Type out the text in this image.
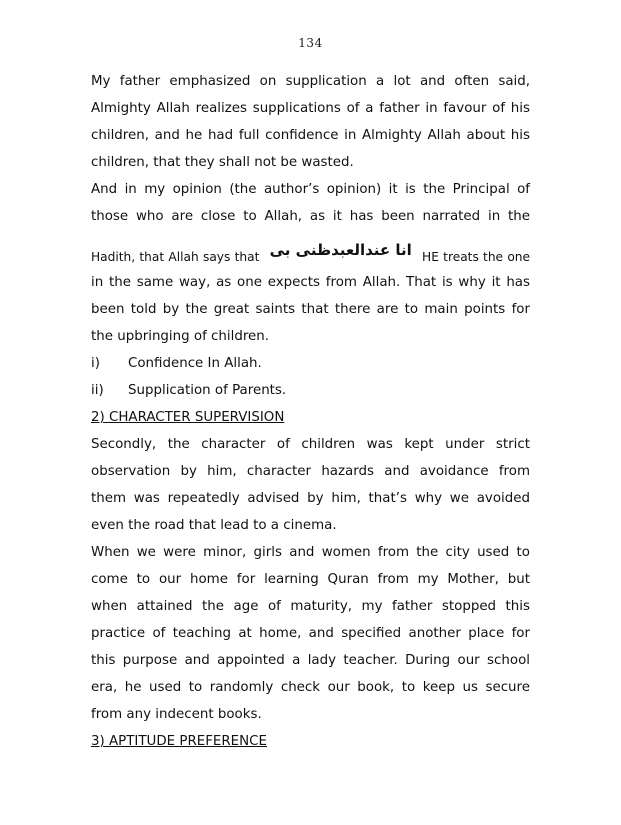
134
My father emphasized on supplication a lot and often said,
Almighty Allah realizes supplications of a father in favour of his
children, and he had full confidence in Almighty Allah about his
children, that they shall not be wasted.
And in my opinion (the author’s opinion) it is the Principal of
those who are close to Allah, as it has been narrated in the
Hadith, that Allah says that انا عندالعبدظنی بی HE treats the one
in the same way, as one expects from Allah. That is why it has
been told by the great saints that there are to main points for
the upbringing of children.
i) Confidence In Allah.
ii) Supplication of Parents.
2) CHARACTER SUPERVISION
Secondly, the character of children was kept under strict
observation by him, character hazards and avoidance from
them was repeatedly advised by him, that’s why we avoided
even the road that lead to a cinema.
When we were minor, girls and women from the city used to
come to our home for learning Quran from my Mother, but
when attained the age of maturity, my father stopped this
practice of teaching at home, and specified another place for
this purpose and appointed a lady teacher. During our school
era, he used to randomly check our book, to keep us secure
from any indecent books.
3) APTITUDE PREFERENCE
